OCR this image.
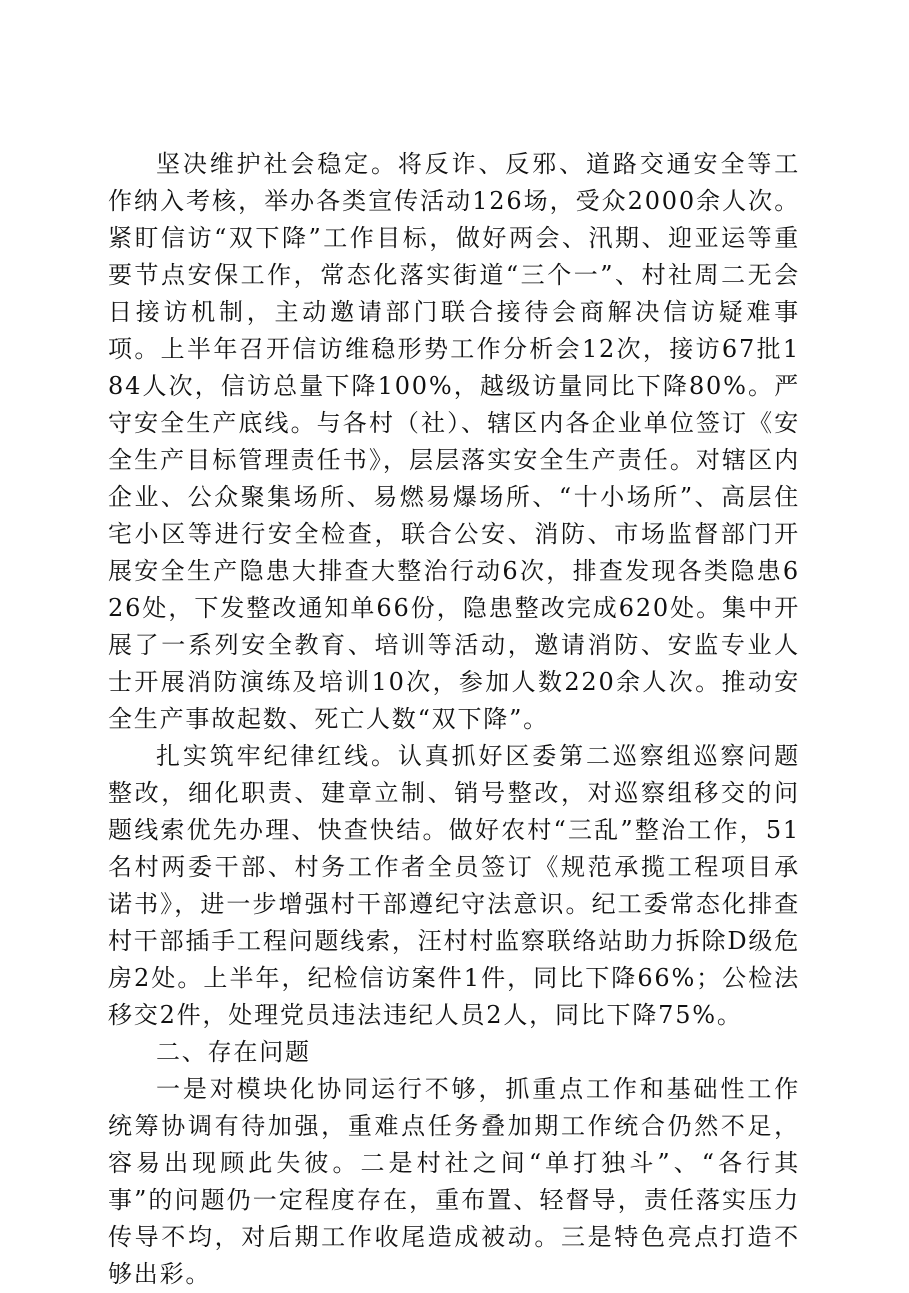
坚决维护社会稳定。将反诈、反邪、道路交通安全等工作纳入考核，举办各类宣传活动126场，受众2000余人次。紧盯信访“双下降”工作目标，做好两会、汛期、迎亚运等重要节点安保工作，常态化落实街道“三个一”、村社周二无会日接访机制，主动邀请部门联合接待会商解决信访疑难事项。上半年召开信访维稳形势工作分析会12次，接访67批184人次，信访总量下降100%，越级访量同比下降80%。严守安全生产底线。与各村（社）、辖区内各企业单位签订《安全生产目标管理责任书》，层层落实安全生产责任。对辖区内企业、公众聚集场所、易燃易爆场所、“十小场所”、高层住宅小区等进行安全检查，联合公安、消防、市场监督部门开展安全生产隐患大排查大整治行动6次，排查发现各类隐患626处，下发整改通知单66份，隐患整改完成620处。集中开展了一系列安全教育、培训等活动，邀请消防、安监专业人士开展消防演练及培训10次，参加人数220余人次。推动安全生产事故起数、死亡人数“双下降”。

扎实筑牢纪律红线。认真抓好区委第二巡察组巡察问题整改，细化职责、建章立制、销号整改，对巡察组移交的问题线索优先办理、快查快结。做好农村“三乱”整治工作，51名村两委干部、村务工作者全员签订《规范承揽工程项目承诺书》，进一步增强村干部遵纪守法意识。纪工委常态化排查村干部插手工程问题线索，汪村村监察联络站助力拆除D级危房2处。上半年，纪检信访案件1件，同比下降66%；公检法移交2件，处理党员违法违纪人员2人，同比下降75%。

二、存在问题

一是对模块化协同运行不够，抓重点工作和基础性工作统筹协调有待加强，重难点任务叠加期工作统合仍然不足，容易出现顾此失彼。二是村社之间“单打独斗”、“各行其事”的问题仍一定程度存在，重布置、轻督导，责任落实压力传导不均，对后期工作收尾造成被动。三是特色亮点打造不够出彩。
